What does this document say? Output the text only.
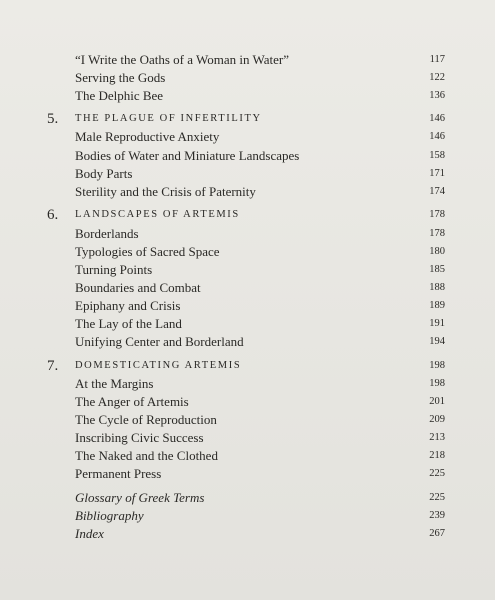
“I Write the Oaths of a Woman in Water”	117
Serving the Gods	122
The Delphic Bee	136
5. THE PLAGUE OF INFERTILITY	146
Male Reproductive Anxiety	146
Bodies of Water and Miniature Landscapes	158
Body Parts	171
Sterility and the Crisis of Paternity	174
6. LANDSCAPES OF ARTEMIS	178
Borderlands	178
Typologies of Sacred Space	180
Turning Points	185
Boundaries and Combat	188
Epiphany and Crisis	189
The Lay of the Land	191
Unifying Center and Borderland	194
7. DOMESTICATING ARTEMIS	198
At the Margins	198
The Anger of Artemis	201
The Cycle of Reproduction	209
Inscribing Civic Success	213
The Naked and the Clothed	218
Permanent Press	225
Glossary of Greek Terms	225
Bibliography	239
Index	267
